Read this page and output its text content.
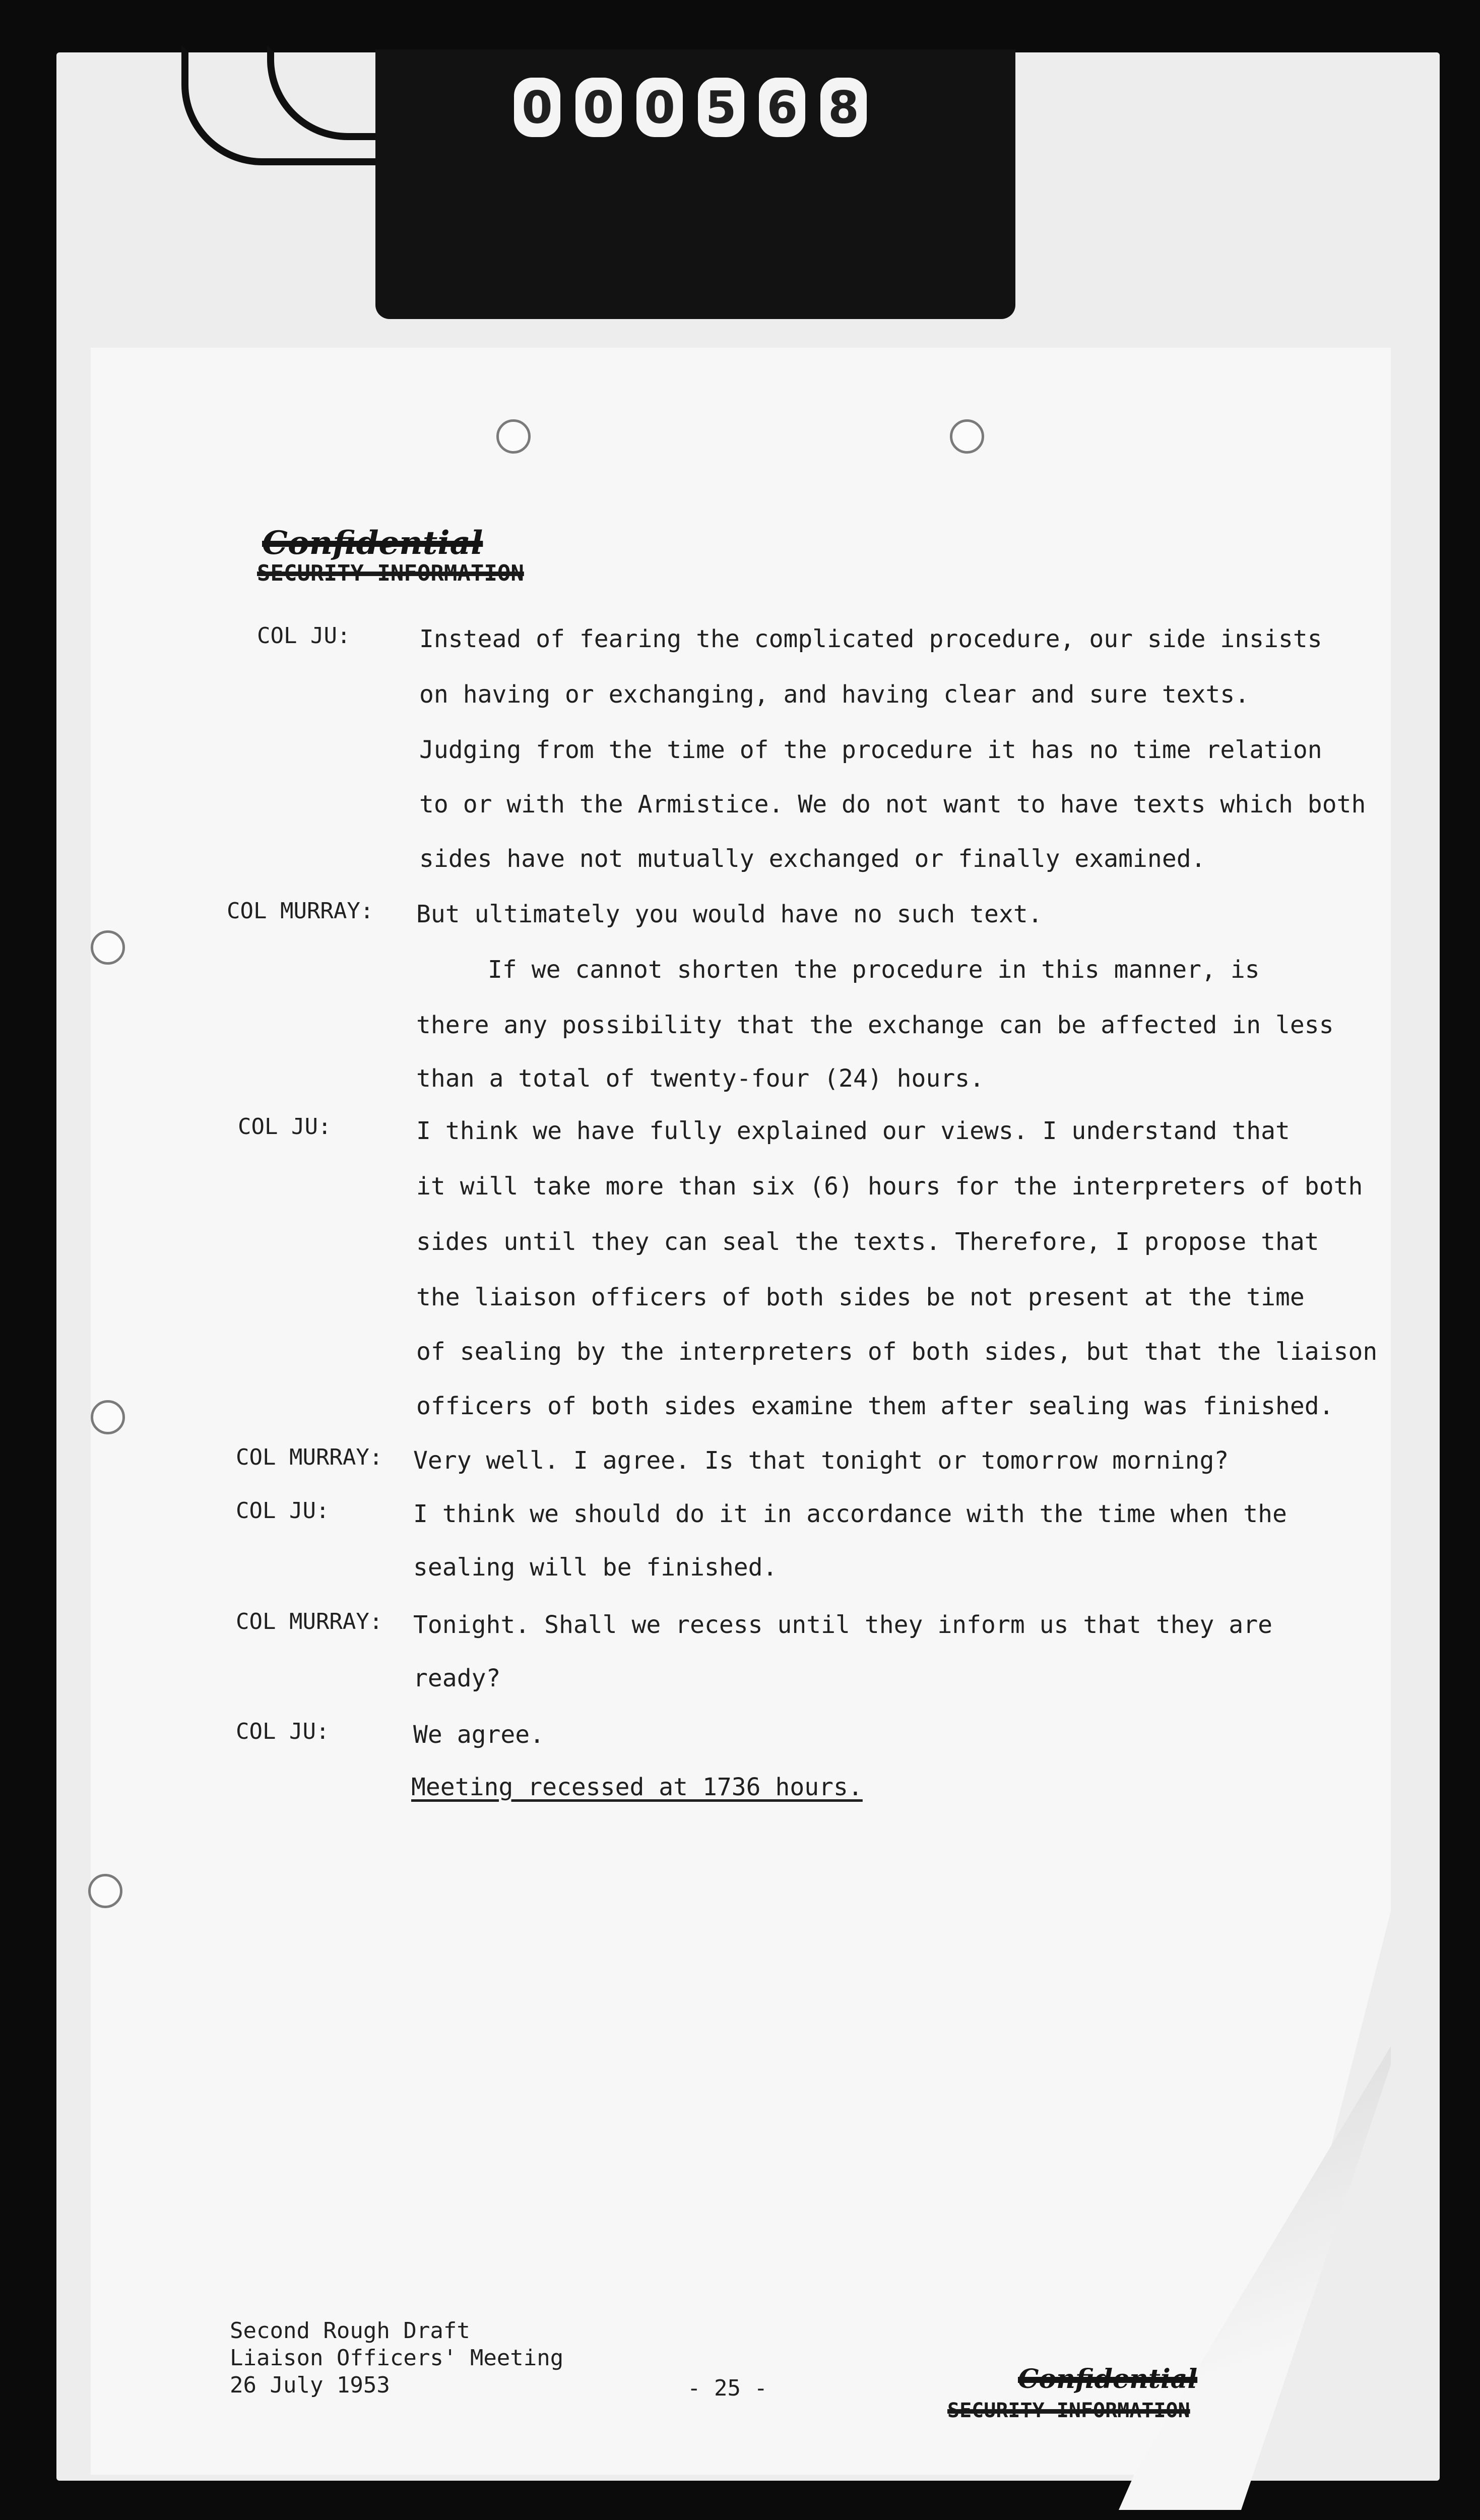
0 0 0 5 6 8
Confidential
SECURITY INFORMATION
COL JU:	Instead of fearing the complicated procedure, our side insists
on having or exchanging, and having clear and sure texts.
Judging from the time of the procedure it has no time relation
to or with the Armistice. We do not want to have texts which both
sides have not mutually exchanged or finally examined.
COL MURRAY: But ultimately you would have no such text.
If we cannot shorten the procedure in this manner, is
there any possibility that the exchange can be affected in less
than a total of twenty-four (24) hours.
COL JU:	I think we have fully explained our views. I understand that
it will take more than six (6) hours for the interpreters of both
sides until they can seal the texts. Therefore, I propose that
the liaison officers of both sides be not present at the time
of sealing by the interpreters of both sides, but that the liaison
officers of both sides examine them after sealing was finished.
COL MURRAY: Very well. I agree. Is that tonight or tomorrow morning?
COL JU:	I think we should do it in accordance with the time when the
sealing will be finished.
COL MURRAY: Tonight. Shall we recess until they inform us that they are
ready?
COL JU:	We agree.
Meeting recessed at 1736 hours.
Second Rough Draft
Liaison Officers' Meeting
26 July 1953	- 25 -	Confidential
SECURITY INFORMATION
